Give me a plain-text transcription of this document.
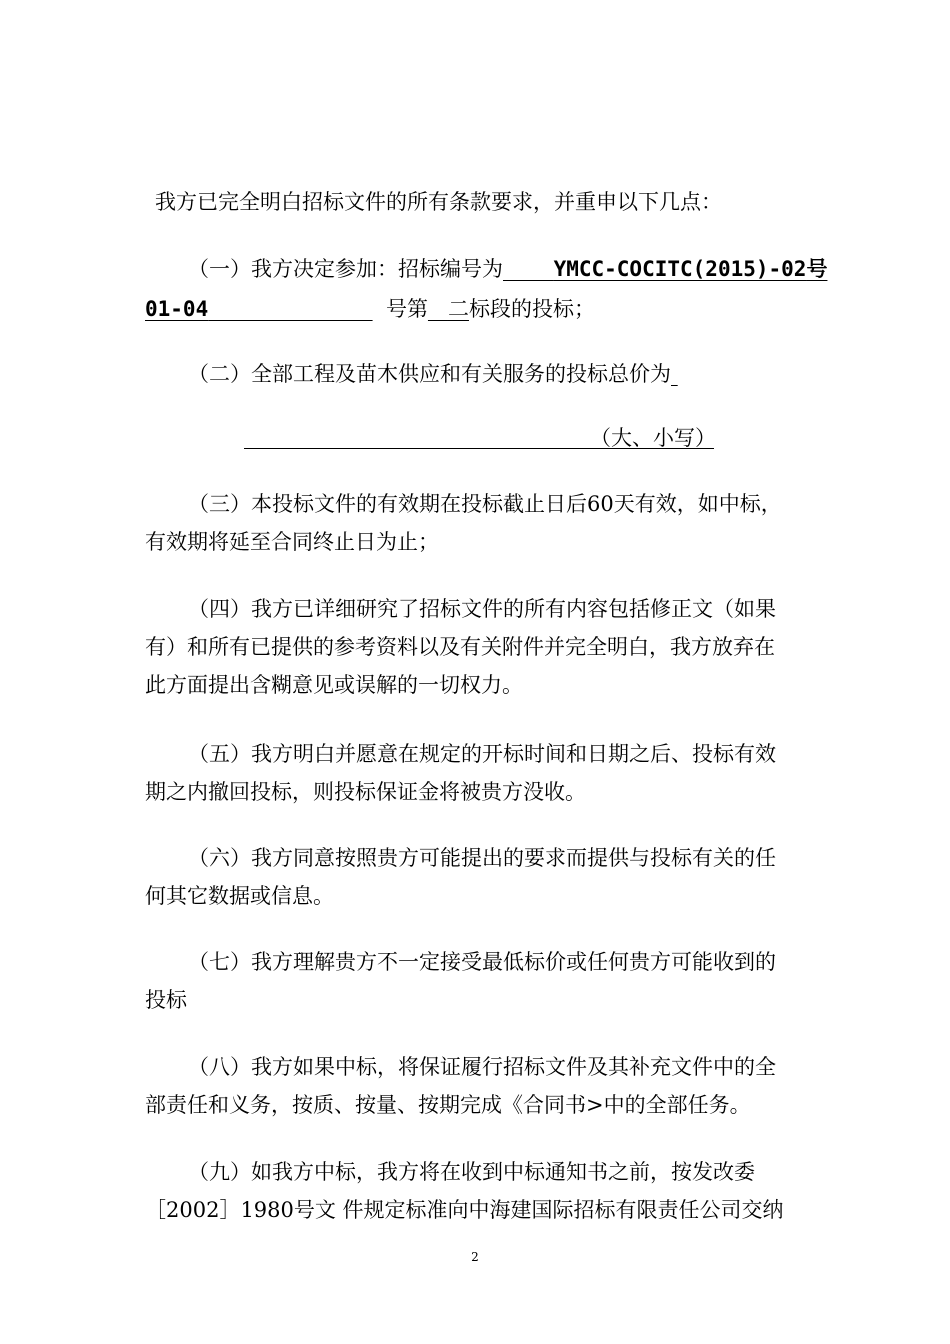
我方已完全明白招标文件的所有条款要求，并重申以下几点：
（一）我方决定参加：招标编号为 YMCC-COCITC(2015)-02号
01-04	号第 二标段的投标；
（二）全部工程及苗木供应和有关服务的投标总价为
（大、小写）
（三）本投标文件的有效期在投标截止日后60天有效，如中标，
有效期将延至合同终止日为止；
（四）我方已详细研究了招标文件的所有内容包括修正文（如果
有）和所有已提供的参考资料以及有关附件并完全明白，我方放弃在
此方面提出含糊意见或误解的一切权力。
（五）我方明白并愿意在规定的开标时间和日期之后、投标有效
期之内撤回投标，则投标保证金将被贵方没收。
（六）我方同意按照贵方可能提出的要求而提供与投标有关的任
何其它数据或信息。
（七）我方理解贵方不一定接受最低标价或任何贵方可能收到的
投标
（八）我方如果中标，将保证履行招标文件及其补充文件中的全
部责任和义务，按质、按量、按期完成《合同书>中的全部任务。
（九）如我方中标，我方将在收到中标通知书之前，按发改委
［2002］1980号文 件规定标准向中海建国际招标有限责任公司交纳
2
